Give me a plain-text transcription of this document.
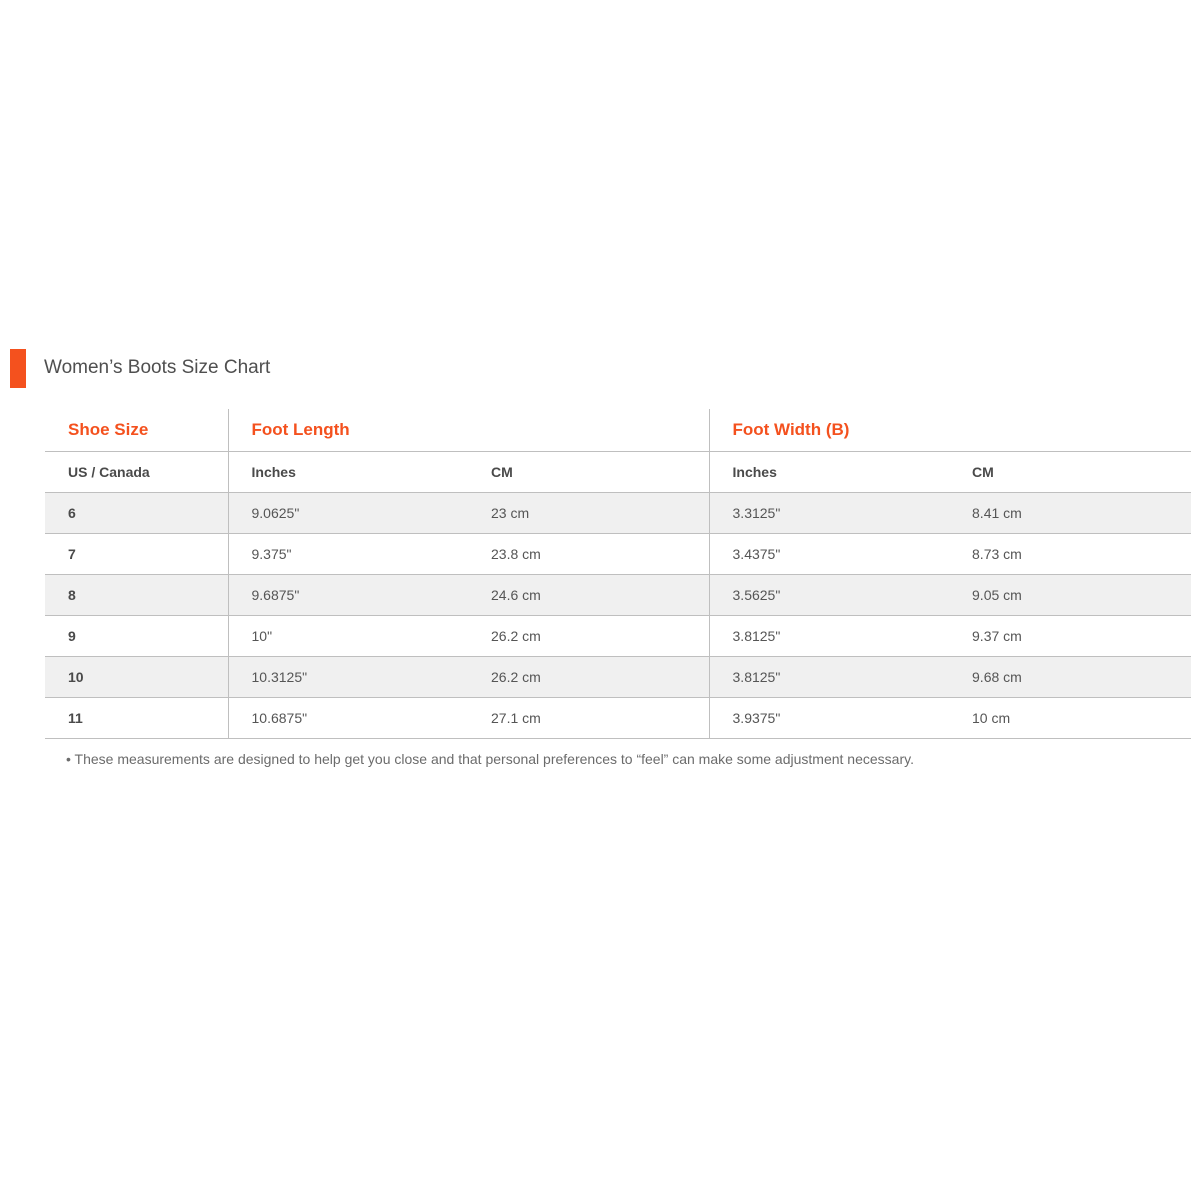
Women’s Boots Size Chart
Shoe Size	Foot Length		Foot Width (B)	
US / Canada	Inches	CM	Inches	CM
6	9.0625"	23 cm	3.3125"	8.41 cm
7	9.375"	23.8 cm	3.4375"	8.73 cm
8	9.6875"	24.6 cm	3.5625"	9.05 cm
9	10"	26.2 cm	3.8125"	9.37 cm
10	10.3125"	26.2 cm	3.8125"	9.68 cm
11	10.6875"	27.1 cm	3.9375"	10 cm
• These measurements are designed to help get you close and that personal preferences to “feel” can make some adjustment necessary.
